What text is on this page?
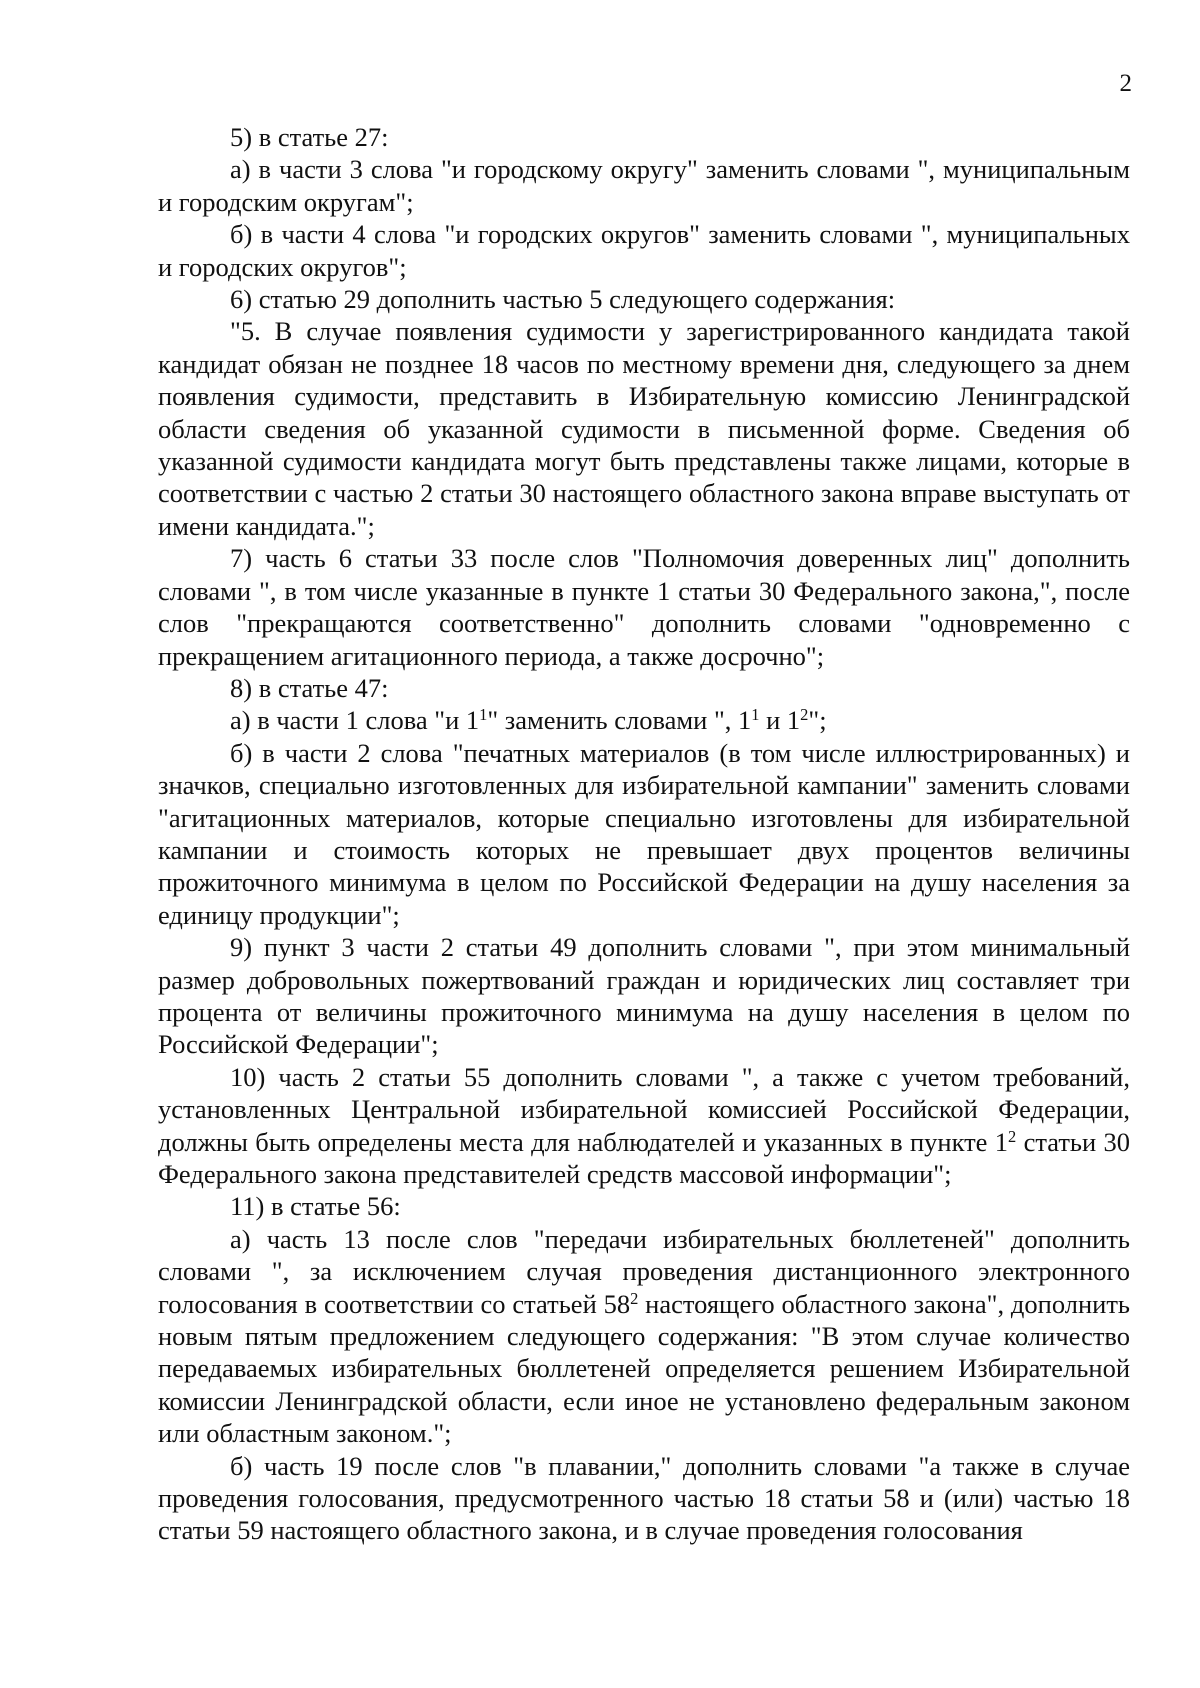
2

5) в статье 27:

а) в части 3 слова "и городскому округу" заменить словами ", муниципальным и городским округам";

б) в части 4 слова "и городских округов" заменить словами ", муниципальных и городских округов";

6) статью 29 дополнить частью 5 следующего содержания:

"5. В случае появления судимости у зарегистрированного кандидата такой кандидат обязан не позднее 18 часов по местному времени дня, следующего за днем появления судимости, представить в Избирательную комиссию Ленинградской области сведения об указанной судимости в письменной форме. Сведения об указанной судимости кандидата могут быть представлены также лицами, которые в соответствии с частью 2 статьи 30 настоящего областного закона вправе выступать от имени кандидата.";

7) часть 6 статьи 33 после слов "Полномочия доверенных лиц" дополнить словами ", в том числе указанные в пункте 1 статьи 30 Федерального закона,", после слов "прекращаются соответственно" дополнить словами "одновременно с прекращением агитационного периода, а также досрочно";

8) в статье 47:

а) в части 1 слова "и $1^1$" заменить словами ", $1^1$ и $1^2$";

б) в части 2 слова "печатных материалов (в том числе иллюстрированных) и значков, специально изготовленных для избирательной кампании" заменить словами "агитационных материалов, которые специально изготовлены для избирательной кампании и стоимость которых не превышает двух процентов величины прожиточного минимума в целом по Российской Федерации на душу населения за единицу продукции";

9) пункт 3 части 2 статьи 49 дополнить словами ", при этом минимальный размер добровольных пожертвований граждан и юридических лиц составляет три процента от величины прожиточного минимума на душу населения в целом по Российской Федерации";

10) часть 2 статьи 55 дополнить словами ", а также с учетом требований, установленных Центральной избирательной комиссией Российской Федерации, должны быть определены места для наблюдателей и указанных в пункте $1^2$ статьи 30 Федерального закона представителей средств массовой информации";

11) в статье 56:

а) часть 13 после слов "передачи избирательных бюллетеней" дополнить словами ", за исключением случая проведения дистанционного электронного голосования в соответствии со статьей $58^2$ настоящего областного закона", дополнить новым пятым предложением следующего содержания: "В этом случае количество передаваемых избирательных бюллетеней определяется решением Избирательной комиссии Ленинградской области, если иное не установлено федеральным законом или областным законом.";

б) часть 19 после слов "в плавании," дополнить словами "а также в случае проведения голосования, предусмотренного частью 18 статьи 58 и (или) частью 18 статьи 59 настоящего областного закона, и в случае проведения голосования
